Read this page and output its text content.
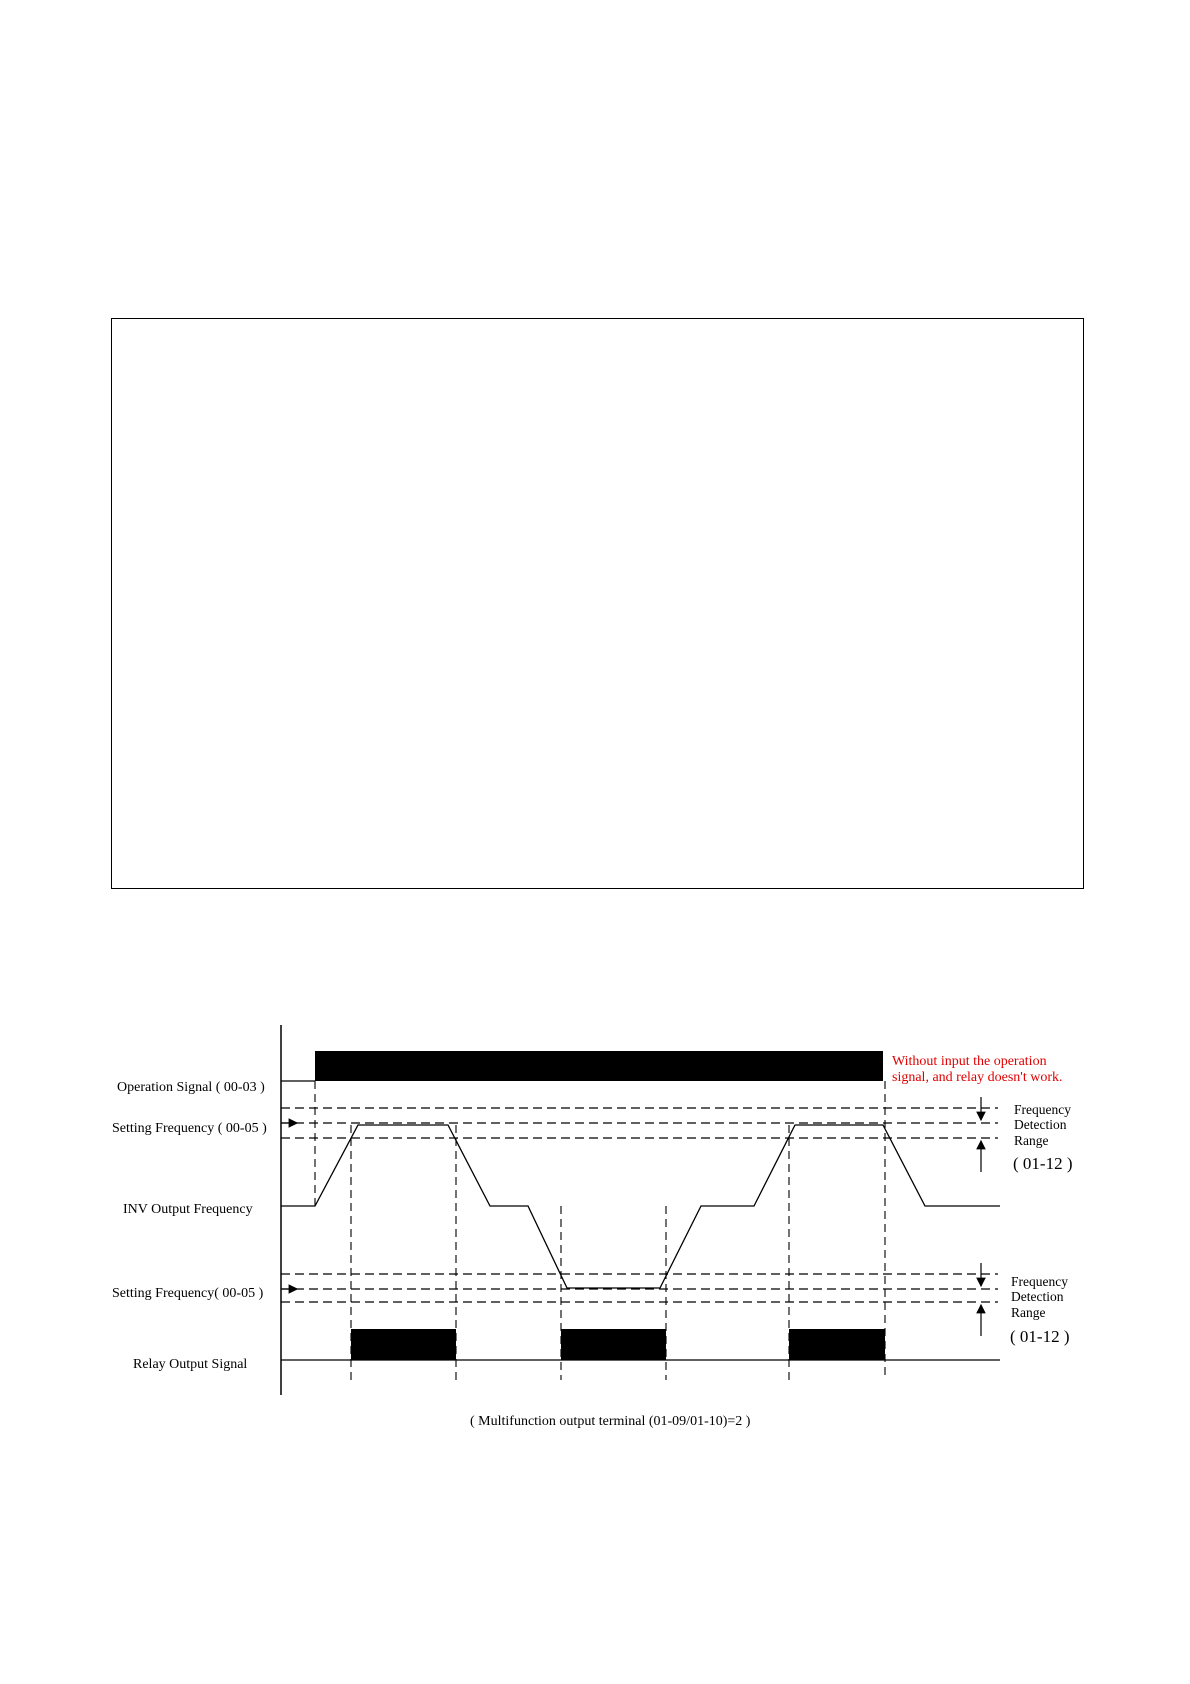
Operation Signal ( 00-03 )
Setting Frequency ( 00-05 )
INV Output Frequency
Setting Frequency( 00-05 )
Relay Output Signal
Without input the operation
signal, and relay doesn't work.
Frequency
Detection
Range
( 01-12 )
Frequency
Detection
Range
( 01-12 )
( Multifunction output terminal (01-09/01-10)=2 )
